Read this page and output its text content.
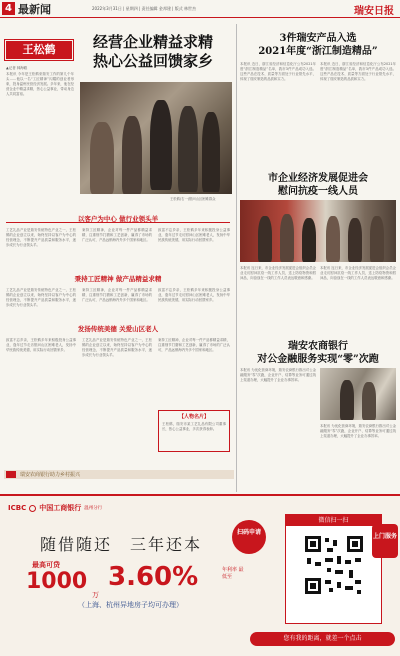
4 最新闻	2022年3月31日 | 星期四 | 责任编辑 金邦建 | 版式 林世杰	瑞安日报
王松鹤
▲记者 林海聪
本报讯 今年是王松鹤来瑞安工作的第几个年头……他以一名“工匠精神”闪耀的创业者形象，投身温州民营经济发展。多年来，他在经营企业中精益求精，热心公益事业，带动身边人共同富裕。
经营企业精益求精
热心公益回馈家乡
王松鹤(右一)慰问山区困难群众
以客户为中心 做行业领头羊
工艺礼品产业是瑞安传统特色产业之一，王松鹤的企业创立以来，始终坚持以客户为中心的经营理念，不断提升产品质量和服务水平，逐步成长为行业领头羊。
秉持工匠精神，企业对每一件产品都精益求精，注重细节打磨和工艺创新，赢得了市场的广泛认可，产品远销海内外多个国家和地区。
致富不忘乡亲，王松鹤多年来积极投身公益事业，逢年过节走访慰问山区困难老人，发扬中华民族传统美德，用实际行动回馈家乡。
秉持工匠精神 做产品精益求精
工艺礼品产业是瑞安传统特色产业之一，王松鹤的企业创立以来，始终坚持以客户为中心的经营理念，不断提升产品质量和服务水平，逐步成长为行业领头羊。
秉持工匠精神，企业对每一件产品都精益求精，注重细节打磨和工艺创新，赢得了市场的广泛认可，产品远销海内外多个国家和地区。
致富不忘乡亲，王松鹤多年来积极投身公益事业，逢年过节走访慰问山区困难老人，发扬中华民族传统美德，用实际行动回馈家乡。
发扬传统美德 关爱山区老人
致富不忘乡亲，王松鹤多年来积极投身公益事业，逢年过节走访慰问山区困难老人，发扬中华民族传统美德，用实际行动回馈家乡。
工艺礼品产业是瑞安传统特色产业之一，王松鹤的企业创立以来，始终坚持以客户为中心的经营理念，不断提升产品质量和服务水平，逐步成长为行业领头羊。
秉持工匠精神，企业对每一件产品都精益求精，注重细节打磨和工艺创新，赢得了市场的广泛认可，产品远销海内外多个国家和地区。
【人物名片】
王松鹤，瑞安市某工艺礼品有限公司董事长，热心公益事业，多次获得表彰。
瑞安农商银行助力乡村振兴
3件瑞安产品入选
2021年度“浙江制造精品”
本报讯 近日，浙江省经济和信息化厅公布2021年度“浙江制造精品”名单，我市3件产品成功入选。这些产品在技术、质量等方面处于行业领先水平，体现了瑞安制造的品质和实力。
本报讯 近日，浙江省经济和信息化厅公布2021年度“浙江制造精品”名单，我市3件产品成功入选。这些产品在技术、质量等方面处于行业领先水平，体现了瑞安制造的品质和实力。
市企业经济发展促进会
慰问抗疫一线人员
本报讯 连日来，市企业经济发展促进会组织会员企业走访慰问抗疫一线工作人员，送上防疫物资和慰问品，向奋战在一线的工作人员表达敬意和感谢。
本报讯 连日来，市企业经济发展促进会组织会员企业走访慰问抗疫一线工作人员，送上防疫物资和慰问品，向奋战在一线的工作人员表达敬意和感谢。
瑞安农商银行
对公金融服务实现“零”次跑
本报讯 为优化营商环境，瑞安农商银行推出对公金融服务“零”次跑，企业开户、结算等业务可通过线上渠道办理，大幅提升了企业办事效率。
本报讯 为优化营商环境，瑞安农商银行推出对公金融服务“零”次跑，企业开户、结算等业务可通过线上渠道办理，大幅提升了企业办事效率。
ICBC 中国工商银行 温州分行
随借随还　三年还本
最高可贷
1000
万
3.60%	年利率 最低至
（上海、杭州异地房子均可办理）
扫码申请
微信扫一扫
上门服务
您有我的距离，就差一个点击
